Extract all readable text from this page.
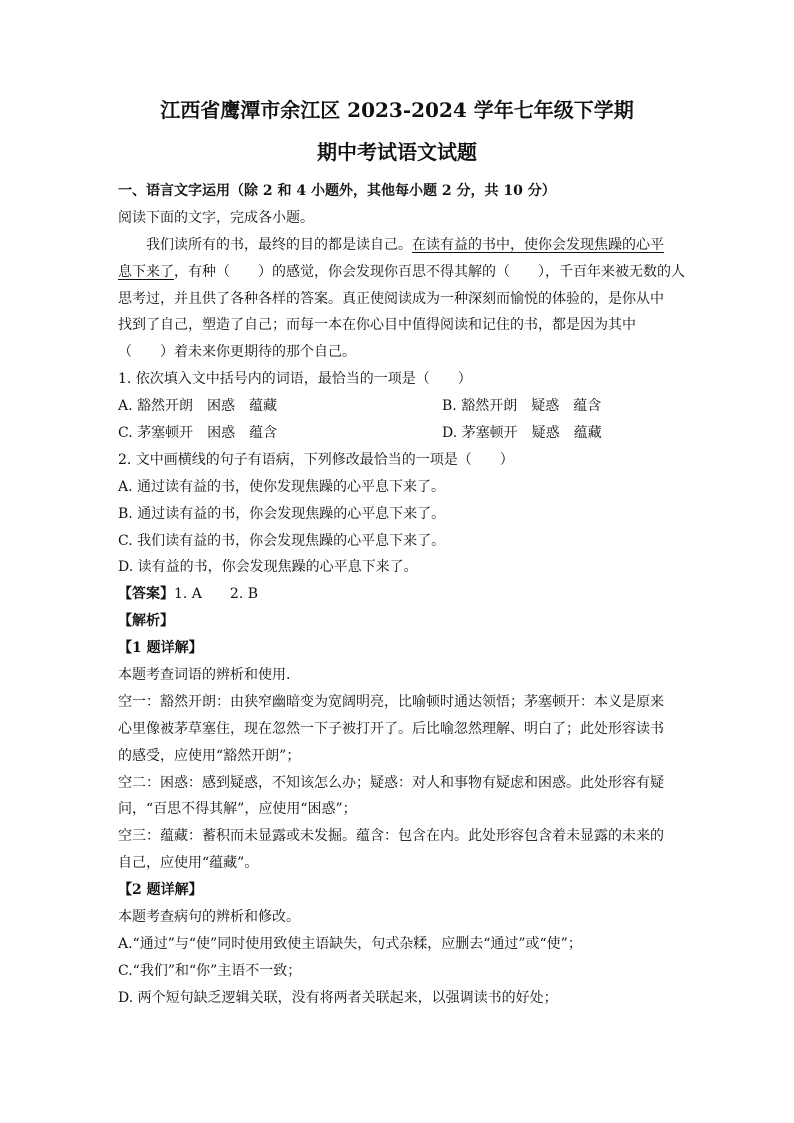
江西省鹰潭市余江区 2023-2024 学年七年级下学期
期中考试语文试题

一、语言文字运用（除 2 和 4 小题外，其他每小题 2 分，共 10 分）

阅读下面的文字，完成各小题。

我们读所有的书，最终的目的都是读自己。在读有益的书中，使你会发现焦躁的心平

息下来了，有种（　　）的感觉，你会发现你百思不得其解的（　　），千百年来被无数的人

思考过，并且供了各种各样的答案。真正使阅读成为一种深刻而愉悦的体验的，是你从中

找到了自己，塑造了自己；而每一本在你心目中值得阅读和记住的书，都是因为其中

（　　）着未来你更期待的那个自己。

1. 依次填入文中括号内的词语，最恰当的一项是（　　）

A. 豁然开朗　困惑　蕴藏	B. 豁然开朗　疑惑　蕴含
C. 茅塞顿开　困惑　蕴含	D. 茅塞顿开　疑惑　蕴藏

2. 文中画横线的句子有语病，下列修改最恰当的一项是（　　）

A. 通过读有益的书，使你发现焦躁的心平息下来了。

B. 通过读有益的书，你会发现焦躁的心平息下来了。

C. 我们读有益的书，你会发现焦躁的心平息下来了。

D. 读有益的书，你会发现焦躁的心平息下来了。

【答案】1. A 2. B

【解析】

【1 题详解】

本题考查词语的辨析和使用.

空一：豁然开朗：由狭窄幽暗变为宽阔明亮，比喻顿时通达领悟；茅塞顿开：本义是原来

心里像被茅草塞住，现在忽然一下子被打开了。后比喻忽然理解、明白了；此处形容读书

的感受，应使用“豁然开朗”；

空二：困惑：感到疑惑，不知该怎么办；疑惑：对人和事物有疑虑和困惑。此处形容有疑

问，“百思不得其解”，应使用“困惑”；

空三：蕴藏：蓄积而未显露或未发掘。蕴含：包含在内。此处形容包含着未显露的未来的

自己，应使用“蕴藏”。

【2 题详解】

本题考查病句的辨析和修改。

A.“通过”与“使”同时使用致使主语缺失，句式杂糅，应删去“通过”或“使”；

C.“我们”和“你”主语不一致；

D. 两个短句缺乏逻辑关联，没有将两者关联起来，以强调读书的好处；
